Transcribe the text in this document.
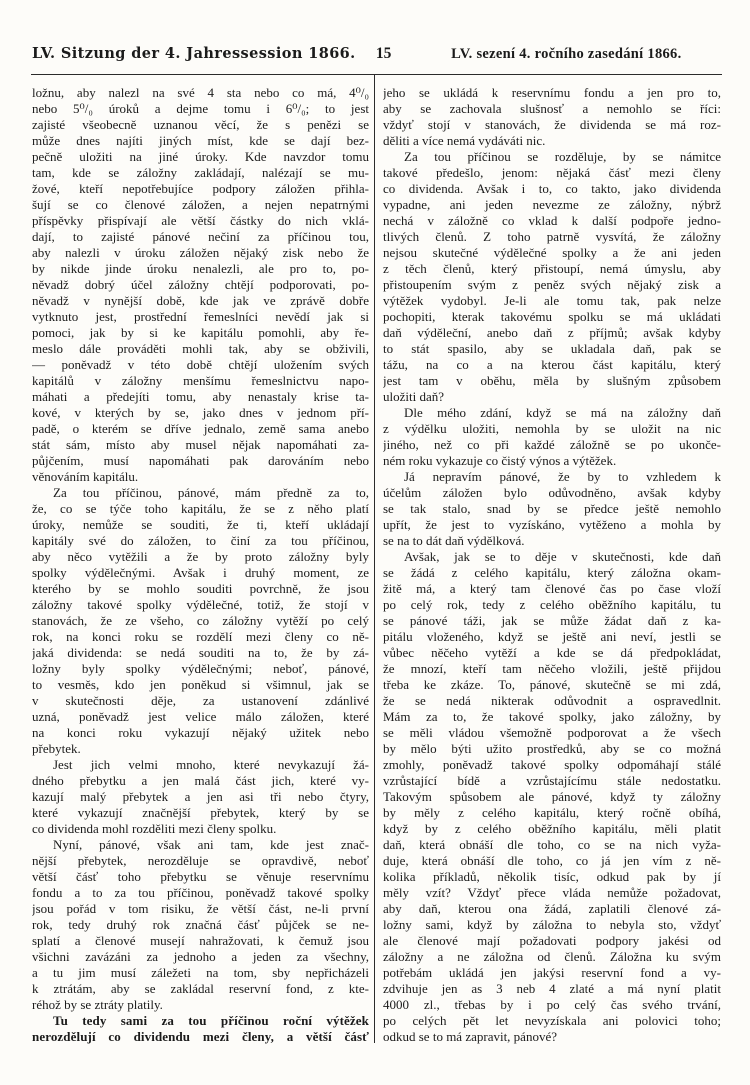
LV. Sitzung der 4. Jahressession 1866.	15	LV. sezení 4. ročního zasedání 1866.
ložnu, aby nalezl na své 4 sta nebo co má, 4⁰/₀
nebo 5⁰/₀ úroků a dejme tomu i 6⁰/₀; to jest
zajisté všeobecně uznanou věcí, že s penězi se
může dnes najíti jiných míst, kde se dají bez-
pečně uložiti na jiné úroky. Kde navzdor tomu
tam, kde se záložny zakládají, nalézají se mu-
žové, kteří nepotřebujíce podpory záložen přihla-
šují se co členové záložen, a nejen nepatrnými
příspěvky přispívají ale větší částky do nich vklá-
dají, to zajisté pánové nečiní za příčinou tou,
aby nalezli v úroku záložen nějaký zisk nebo že
by nikde jinde úroku nenalezli, ale pro to, po-
něvadž dobrý účel záložny chtějí podporovati, po-
něvadž v nynější době, kde jak ve zprávě dobře
vytknuto jest, prostřední řemeslníci nevědí jak si
pomoci, jak by si ke kapitálu pomohli, aby ře-
meslo dále prováděti mohli tak, aby se obživili,
— poněvadž v této době chtějí uložením svých
kapitálů v záložny menšímu řemeslnictvu napo-
máhati a předejíti tomu, aby nenastaly krise ta-
kové, v kterých by se, jako dnes v jednom pří-
padě, o kterém se dříve jednalo, země sama anebo
stát sám, místo aby musel nějak napomáhati za-
půjčením, musí napomáhati pak darováním nebo
věnováním kapitálu.
Za tou příčinou, pánové, mám předně za to,
že, co se týče toho kapitálu, že se z něho platí
úroky, nemůže se souditi, že ti, kteří ukládají
kapitály své do záložen, to činí za tou příčinou,
aby něco vytěžili a že by proto záložny byly
spolky výdělečnými. Avšak i druhý moment, ze
kterého by se mohlo souditi povrchně, že jsou
záložny takové spolky výdělečné, totiž, že stojí v
stanovách, že ze všeho, co záložny vytěží po celý
rok, na konci roku se rozdělí mezi členy co ně-
jaká dividenda: se nedá souditi na to, že by zá-
ložny byly spolky výdělečnými; neboť, pánové,
to vesměs, kdo jen poněkud si všimnul, jak se
v skutečnosti děje, za ustanovení zdánlivé
uzná, poněvadž jest velice málo záložen, které
na konci roku vykazují nějaký užitek nebo
přebytek.
Jest jich velmi mnoho, které nevykazují žá-
dného přebytku a jen malá část jich, které vy-
kazují malý přebytek a jen asi tři nebo čtyry,
které vykazují značnější přebytek, který by se
co dividenda mohl rozděliti mezi členy spolku.
Nyní, pánové, však ani tam, kde jest znač-
nější přebytek, nerozděluje se opravdivě, neboť
větší čásť toho přebytku se věnuje reservnímu
fondu a to za tou příčinou, poněvadž takové spolky
jsou pořád v tom risiku, že větší část, ne-li první
rok, tedy druhý rok značná čásť půjček se ne-
splatí a členové musejí nahražovati, k čemuž jsou
všichni zavázáni za jednoho a jeden za všechny,
a tu jim musí záležeti na tom, sby nepřicházeli
k ztrátám, aby se zakládal reservní fond, z kte-
réhož by se ztráty platily.
Tu tedy sami za tou příčinou roční výtěžek
nerozdělují co dividendu mezi členy, a větší čásť
jeho se ukládá k reservnímu fondu a jen pro to,
aby se zachovala slušnosť a nemohlo se říci:
vždyť stojí v stanovách, že dividenda se má roz-
děliti a více nemá vydáváti nic.
Za tou příčinou se rozděluje, by se námitce
takové předešlo, jenom: nějaká čásť mezi členy
co dividenda. Avšak i to, co takto, jako dividenda
vypadne, ani jeden nevezme ze záložny, nýbrž
nechá v záložně co vklad k další podpoře jedno-
tlivých členů. Z toho patrně vysvítá, že záložny
nejsou skutečné výdělečné spolky a že ani jeden
z těch členů, který přistoupí, nemá úmyslu, aby
přistoupením svým z peněz svých nějaký zisk a
výtěžek vydobyl. Je-li ale tomu tak, pak nelze
pochopiti, kterak takovému spolku se má ukládati
daň výděleční, anebo daň z příjmů; avšak kdyby
to stát spasilo, aby se ukladala daň, pak se
tážu, na co a na kterou část kapitálu, který
jest tam v oběhu, měla by slušným způsobem
uložiti daň?
Dle mého zdání, když se má na záložny daň
z výdělku uložiti, nemohla by se uložit na nic
jiného, než co při každé záložně se po ukonče-
ném roku vykazuje co čistý výnos a výtěžek.
Já nepravím pánové, že by to vzhledem k
účelům záložen bylo odůvodněno, avšak kdyby
se tak stalo, snad by se předce ještě nemohlo
upřít, že jest to vyzískáno, vytěženo a mohla by
se na to dát daň výdělková.
Avšak, jak se to děje v skutečnosti, kde daň
se žádá z celého kapitálu, který záložna okam-
žitě má, a který tam členové čas po čase vloží
po celý rok, tedy z celého oběžního kapitálu, tu
se pánové táži, jak se může žádat daň z ka-
pitálu vloženého, když se ještě ani neví, jestli se
vůbec něčeho vytěží a kde se dá předpokládat,
že mnozí, kteří tam něčeho vložili, ještě přijdou
třeba ke zkáze. To, pánové, skutečně se mi zdá,
že se nedá nikterak odůvodnit a ospravedlnit.
Mám za to, že takové spolky, jako záložny, by
se měli vládou všemožně podporovat a že všech
by mělo býti užito prostředků, aby se co možná
zmohly, poněvadž takové spolky odpomáhají stálé
vzrůstající bídě a vzrůstajícímu stále nedostatku.
Takovým spůsobem ale pánové, když ty záložny
by měly z celého kapitálu, který ročně obíhá,
když by z celého oběžního kapitálu, měli platit
daň, která obnáší dle toho, co se na nich vyža-
duje, která obnáší dle toho, co já jen vím z ně-
kolika příkladů, několik tisíc, odkud pak by jí
měly vzít? Vždyť přece vláda nemůže požadovat,
aby daň, kterou ona žádá, zaplatili členové zá-
ložny sami, když by záložna to nebyla sto, vždyť
ale členové mají požadovati podpory jakési od
záložny a ne záložna od členů. Záložna ku svým
potřebám ukládá jen jakýsi reservní fond a vy-
zdvihuje jen as 3 neb 4 zlaté a má nyní platit
4000 zl., třebas by i po celý čas svého trvání,
po celých pět let nevyzískala ani polovici toho;
odkud se to má zapravit, pánové?
